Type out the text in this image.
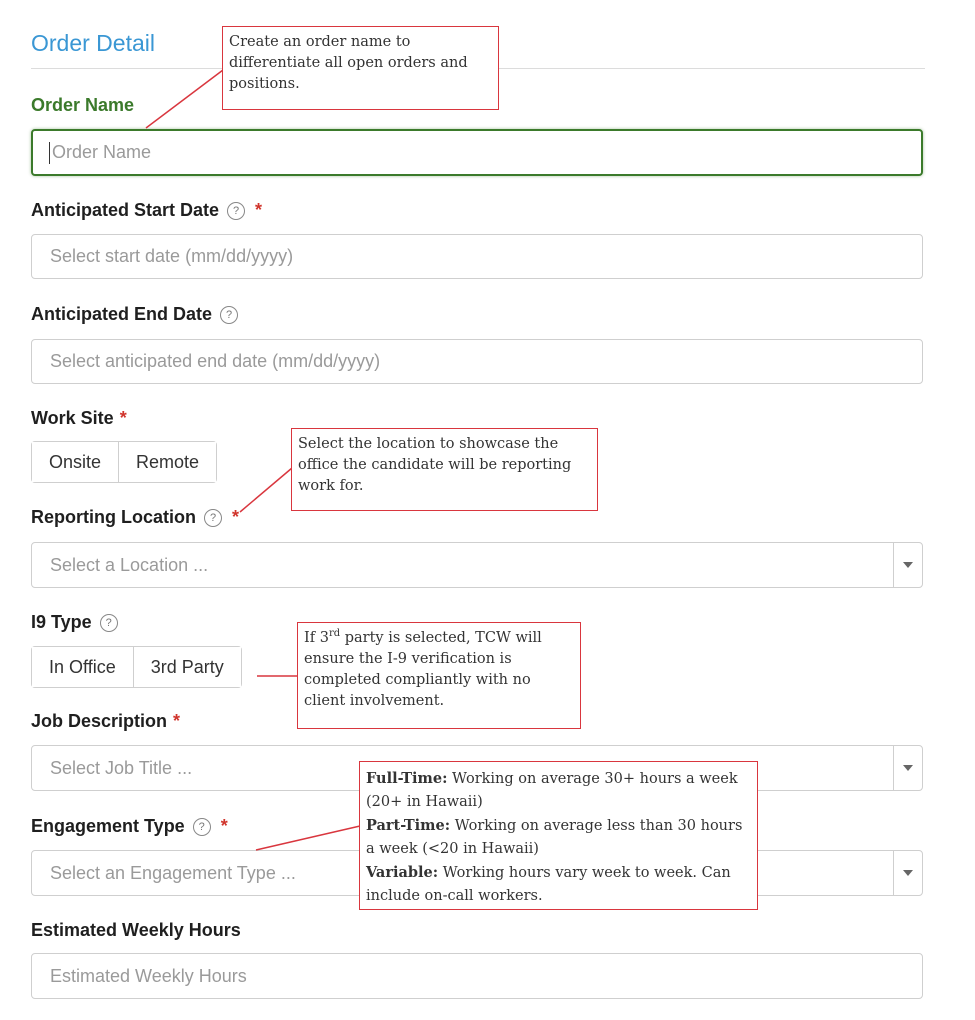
Order Detail
Order Name
Order Name
Anticipated Start Date	? *
Select start date (mm/dd/yyyy)
Anticipated End Date	?
Select anticipated end date (mm/dd/yyyy)
Work Site *
Onsite	Remote
Reporting Location	? *
Select a Location ...
I9 Type	?
In Office	3rd Party
Job Description *
Select Job Title ...
Engagement Type	? *
Select an Engagement Type ...
Estimated Weekly Hours
Estimated Weekly Hours
Create an order name to differentiate all open orders and positions.
Select the location to showcase the office the candidate will be reporting work for.
If 3rd party is selected, TCW will ensure the I-9 verification is completed compliantly with no client involvement.
Full-Time: Working on average 30+ hours a week (20+ in Hawaii)
Part-Time: Working on average less than 30 hours a week (<20 in Hawaii)
Variable: Working hours vary week to week. Can include on-call workers.
